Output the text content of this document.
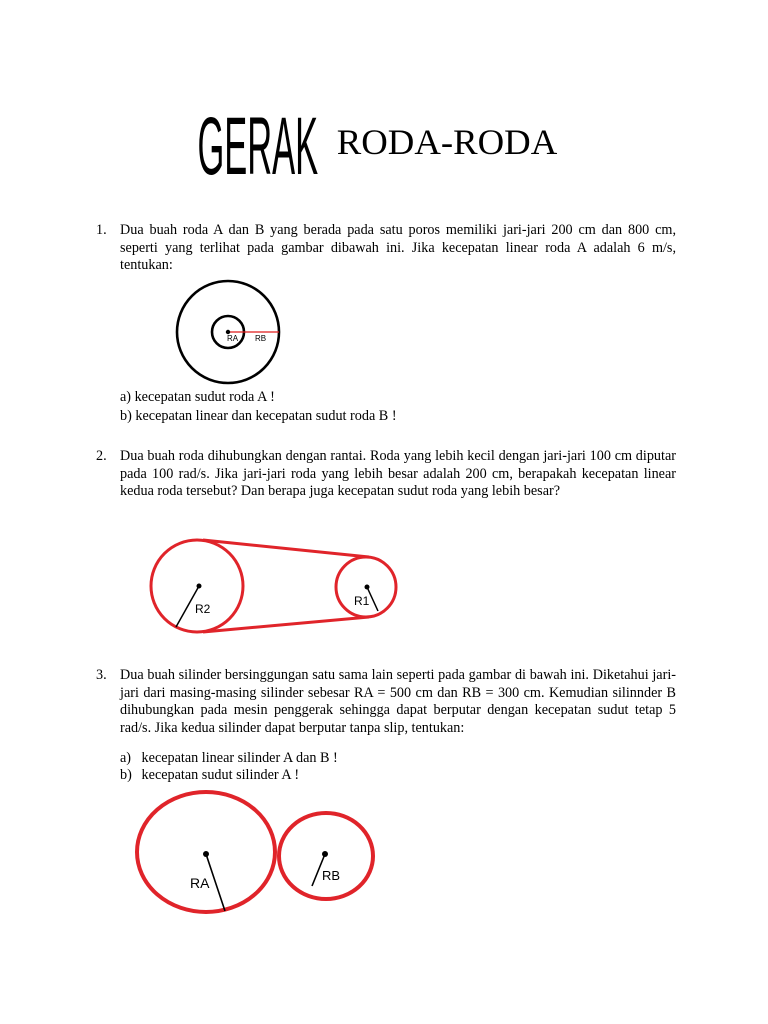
GERAK RODA-RODA
1. Dua buah roda A dan B yang berada pada satu poros memiliki jari-jari 200 cm dan 800 cm, seperti yang terlihat pada gambar dibawah ini. Jika kecepatan linear roda A adalah 6 m/s, tentukan:
RA RB
a) kecepatan sudut roda A !
b) kecepatan linear dan kecepatan sudut roda B !
2. Dua buah roda dihubungkan dengan rantai. Roda yang lebih kecil dengan jari-jari 100 cm diputar pada 100 rad/s. Jika jari-jari roda yang lebih besar adalah 200 cm, berapakah kecepatan linear kedua roda tersebut? Dan berapa juga kecepatan sudut roda yang lebih besar?
R2
R1
3. Dua buah silinder bersinggungan satu sama lain seperti pada gambar di bawah ini. Diketahui jari-jari dari masing-masing silinder sebesar RA = 500 cm dan RB = 300 cm. Kemudian silinnder B dihubungkan pada mesin penggerak sehingga dapat berputar dengan kecepatan sudut tetap 5 rad/s. Jika kedua silinder dapat berputar tanpa slip, tentukan:
a) kecepatan linear silinder A dan B !
b) kecepatan sudut silinder A !
RA	RB
